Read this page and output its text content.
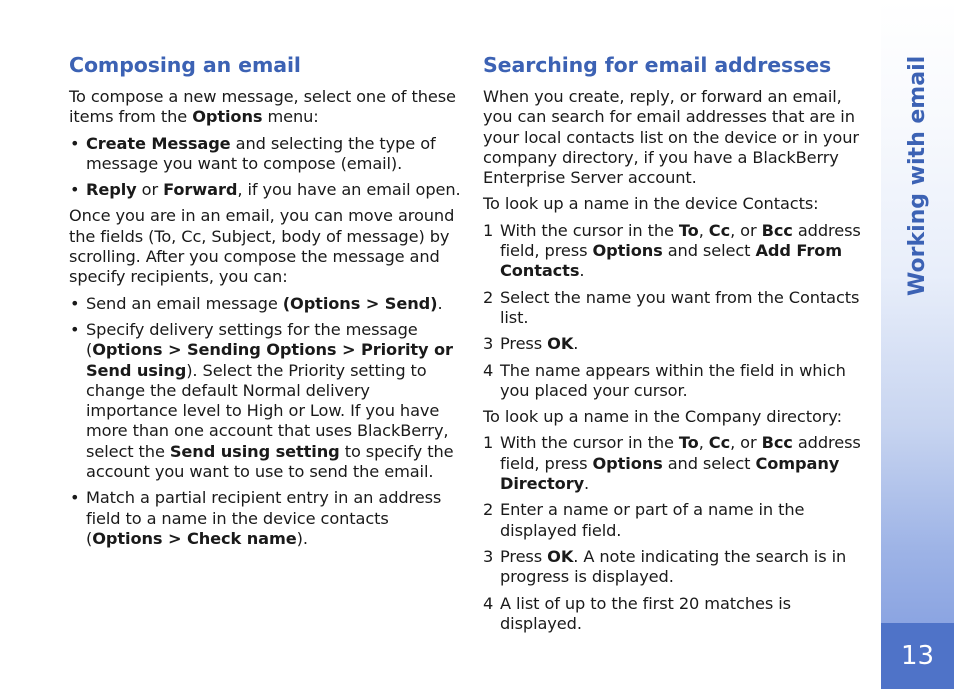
Composing an email

To compose a new message, select one of these items from the Options menu:

• Create Message and selecting the type of message you want to compose (email).
• Reply or Forward, if you have an email open.

Once you are in an email, you can move around the fields (To, Cc, Subject, body of message) by scrolling. After you compose the message and specify recipients, you can:

• Send an email message (Options > Send).
• Specify delivery settings for the message (Options > Sending Options > Priority or Send using). Select the Priority setting to change the default Normal delivery importance level to High or Low. If you have more than one account that uses BlackBerry, select the Send using setting to specify the account you want to use to send the email.
• Match a partial recipient entry in an address field to a name in the device contacts (Options > Check name).
Searching for email addresses

When you create, reply, or forward an email, you can search for email addresses that are in your local contacts list on the device or in your company directory, if you have a BlackBerry Enterprise Server account.

To look up a name in the device Contacts:

1 With the cursor in the To, Cc, or Bcc address field, press Options and select Add From Contacts.
2 Select the name you want from the Contacts list.
3 Press OK.
4 The name appears within the field in which you placed your cursor.

To look up a name in the Company directory:

1 With the cursor in the To, Cc, or Bcc address field, press Options and select Company Directory.
2 Enter a name or part of a name in the displayed field.
3 Press OK. A note indicating the search is in progress is displayed.
4 A list of up to the first 20 matches is displayed.
Working with email
13
